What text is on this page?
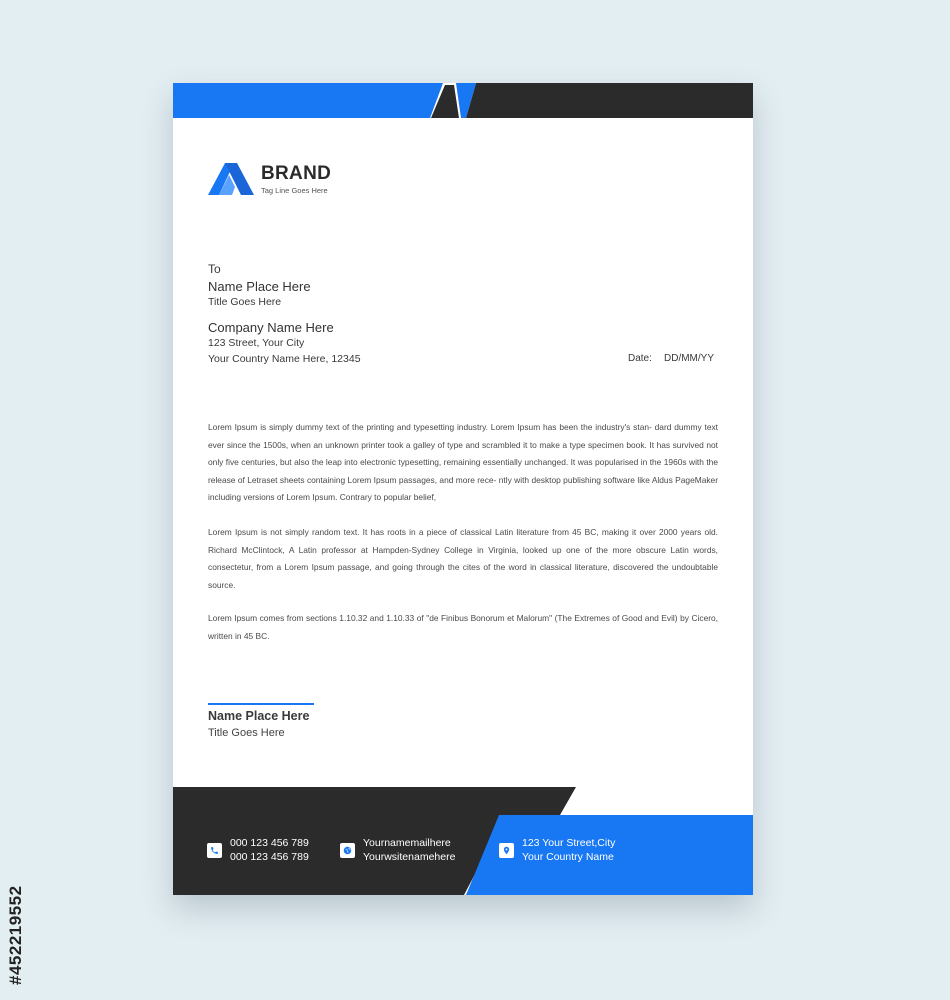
#452219552
BRAND
Tag Line Goes Here
To
Name Place Here
Title Goes Here
Company Name Here
123 Street, Your City
Your Country Name Here, 12345	Date: DD/MM/YY

Lorem Ipsum is simply dummy text of the printing and typesetting industry. Lorem Ipsum has been the industry's stan- dard dummy text ever since the 1500s, when an unknown printer took a galley of type and scrambled it to make a type specimen book. It has survived not only five centuries, but also the leap into electronic typesetting, remaining essentially unchanged. It was popularised in the 1960s with the release of Letraset sheets containing Lorem Ipsum passages, and more rece- ntly with desktop publishing software like Aldus PageMaker including versions of Lorem Ipsum. Contrary to popular belief,

Lorem Ipsum is not simply random text. It has roots in a piece of classical Latin literature from 45 BC, making it over 2000 years old. Richard McClintock, A Latin professor at Hampden-Sydney College in Virginia, looked up one of the more obscure Latin words, consectetur, from a Lorem Ipsum passage, and going through the cites of the word in classical literature, discovered the undoubtable source.

Lorem Ipsum comes from sections 1.10.32 and 1.10.33 of "de Finibus Bonorum et Malorum" (The Extremes of Good and Evil) by Cicero, written in 45 BC.

Name Place Here
Title Goes Here
000 123 456 789
000 123 456 789
Yournamemailhere
Yourwsitenamehere
123 Your Street,City
Your Country Name
